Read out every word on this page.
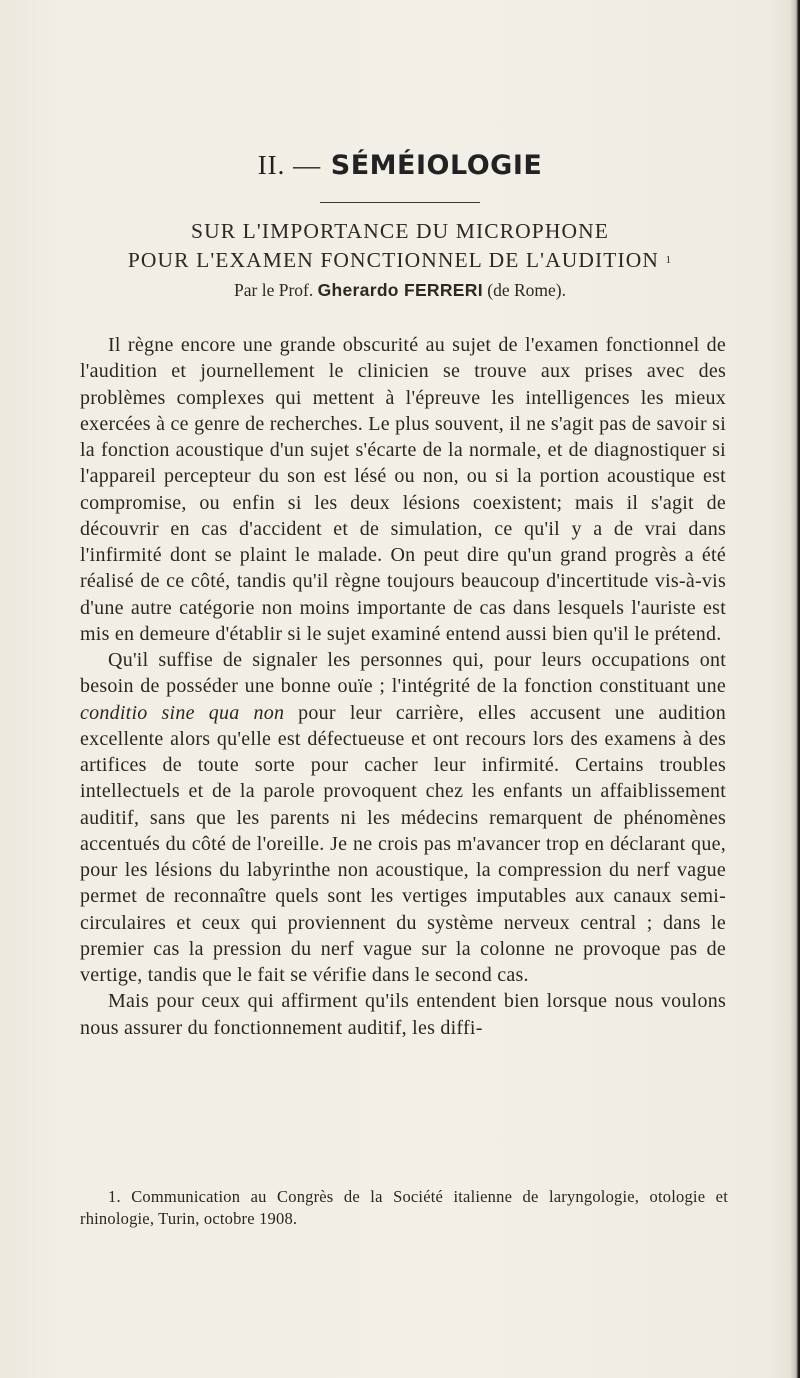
II. — SÉMÉIOLOGIE
SUR L'IMPORTANCE DU MICROPHONE
POUR L'EXAMEN FONCTIONNEL DE L'AUDITION $^1$
Par le Prof. Gherardo FERRERI (de Rome).

Il règne encore une grande obscurité au sujet de l'examen fonctionnel de l'audition et journellement le clinicien se trouve aux prises avec des problèmes complexes qui mettent à l'épreuve les intelligences les mieux exercées à ce genre de recherches. Le plus souvent, il ne s'agit pas de savoir si la fonction acoustique d'un sujet s'écarte de la normale, et de diagnostiquer si l'appareil percepteur du son est lésé ou non, ou si la portion acoustique est compromise, ou enfin si les deux lésions coexistent; mais il s'agit de découvrir en cas d'accident et de simulation, ce qu'il y a de vrai dans l'infirmité dont se plaint le malade. On peut dire qu'un grand progrès a été réalisé de ce côté, tandis qu'il règne toujours beaucoup d'incertitude vis-à-vis d'une autre catégorie non moins importante de cas dans lesquels l'auriste est mis en demeure d'établir si le sujet examiné entend aussi bien qu'il le prétend.

Qu'il suffise de signaler les personnes qui, pour leurs occupations ont besoin de posséder une bonne ouïe ; l'intégrité de la fonction constituant une conditio sine qua non pour leur carrière, elles accusent une audition excellente alors qu'elle est défectueuse et ont recours lors des examens à des artifices de toute sorte pour cacher leur infirmité. Certains troubles intellectuels et de la parole provoquent chez les enfants un affaiblissement auditif, sans que les parents ni les médecins remarquent de phénomènes accentués du côté de l'oreille. Je ne crois pas m'avancer trop en déclarant que, pour les lésions du labyrinthe non acoustique, la compression du nerf vague permet de reconnaître quels sont les vertiges imputables aux canaux semi-circulaires et ceux qui proviennent du système nerveux central ; dans le premier cas la pression du nerf vague sur la colonne ne provoque pas de vertige, tandis que le fait se vérifie dans le second cas.

Mais pour ceux qui affirment qu'ils entendent bien lorsque nous voulons nous assurer du fonctionnement auditif, les diffi-

1. Communication au Congrès de la Société italienne de laryngologie, otologie et rhinologie, Turin, octobre 1908.
